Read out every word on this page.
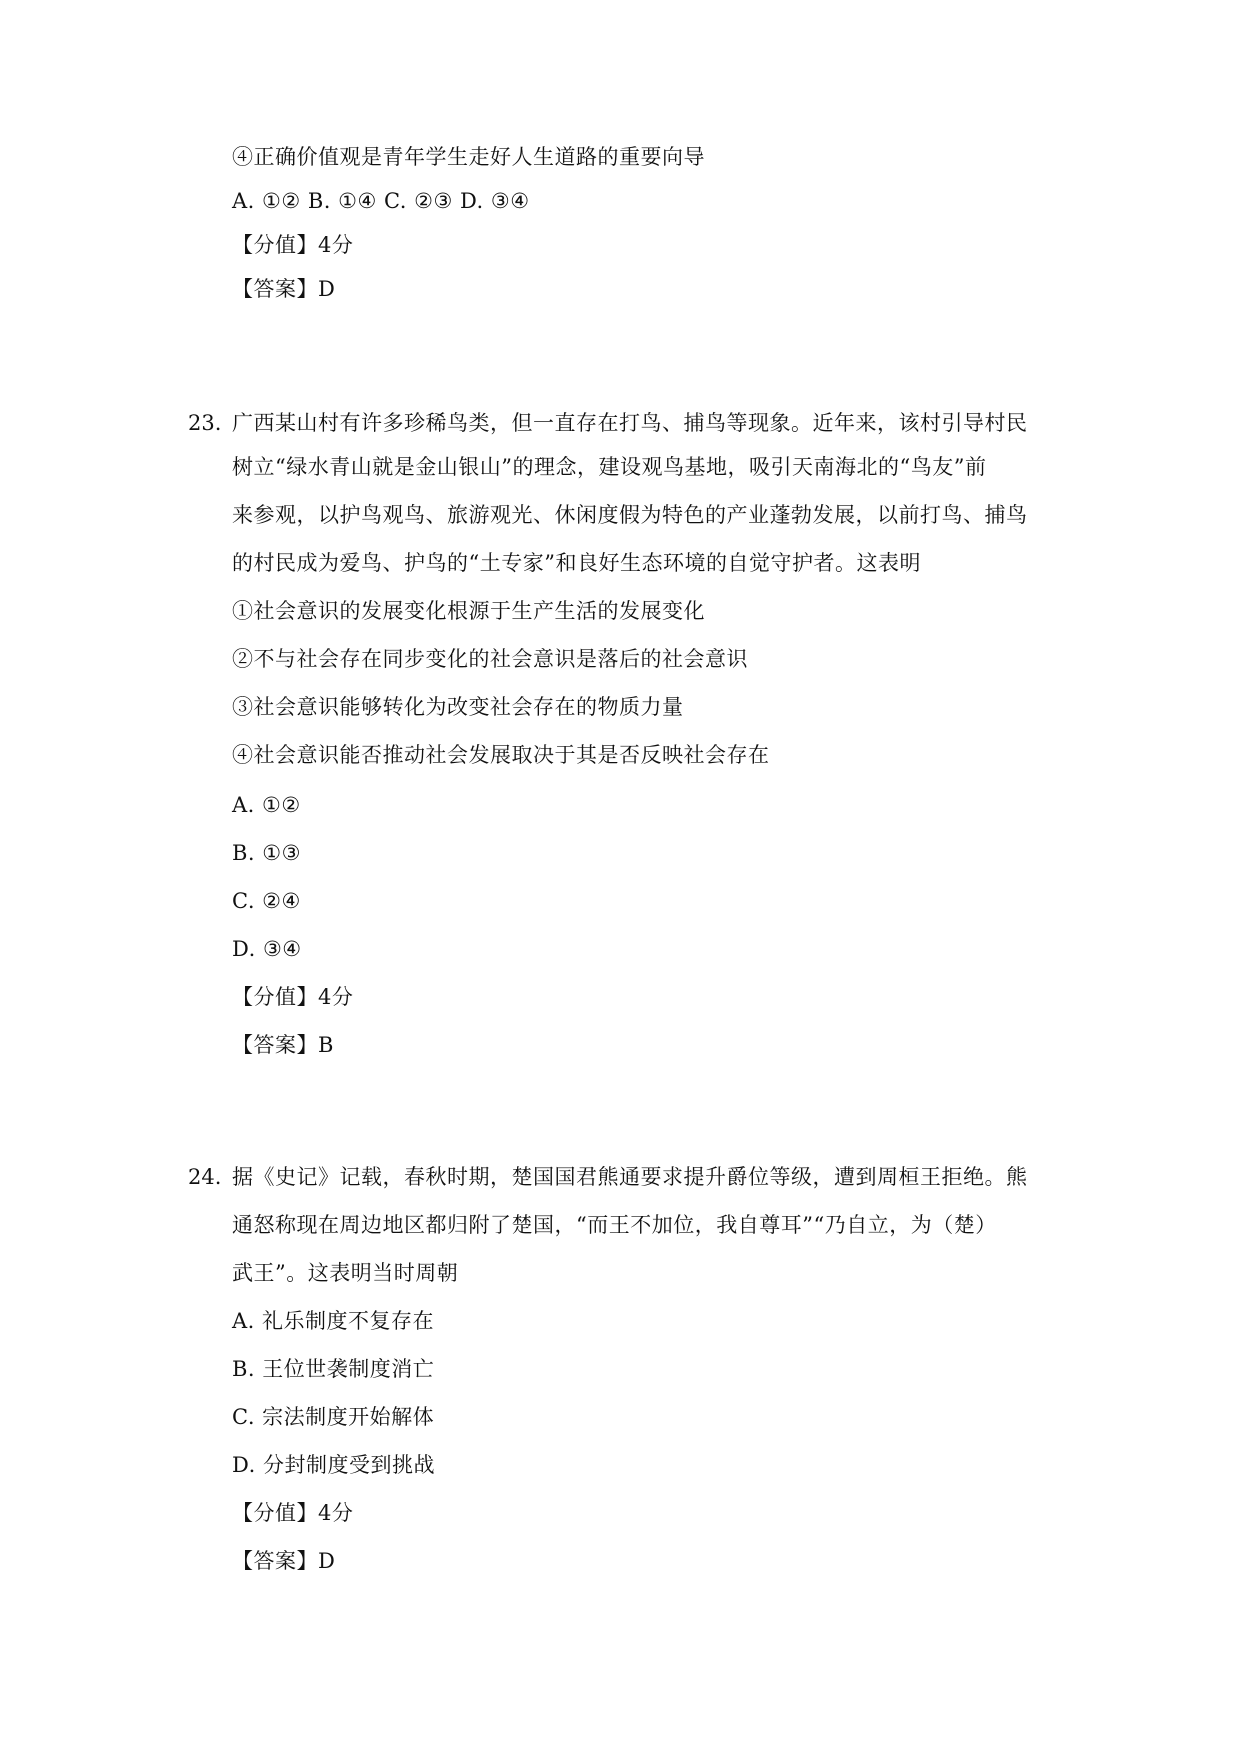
④正确价值观是青年学生走好人生道路的重要向导
A. ①② B. ①④ C. ②③ D. ③④
【分值】4分
【答案】D
23. 广西某山村有许多珍稀鸟类，但一直存在打鸟、捕鸟等现象。近年来，该村引导村民
树立“绿水青山就是金山银山”的理念，建设观鸟基地，吸引天南海北的“鸟友”前
来参观，以护鸟观鸟、旅游观光、休闲度假为特色的产业蓬勃发展，以前打鸟、捕鸟
的村民成为爱鸟、护鸟的“土专家”和良好生态环境的自觉守护者。这表明
①社会意识的发展变化根源于生产生活的发展变化
②不与社会存在同步变化的社会意识是落后的社会意识
③社会意识能够转化为改变社会存在的物质力量
④社会意识能否推动社会发展取决于其是否反映社会存在
A. ①②
B. ①③
C. ②④
D. ③④
【分值】4分
【答案】B
24. 据《史记》记载，春秋时期，楚国国君熊通要求提升爵位等级，遭到周桓王拒绝。熊
通怒称现在周边地区都归附了楚国，“而王不加位，我自尊耳”“乃自立，为（楚）
武王”。这表明当时周朝
A. 礼乐制度不复存在
B. 王位世袭制度消亡
C. 宗法制度开始解体
D. 分封制度受到挑战
【分值】4分
【答案】D
